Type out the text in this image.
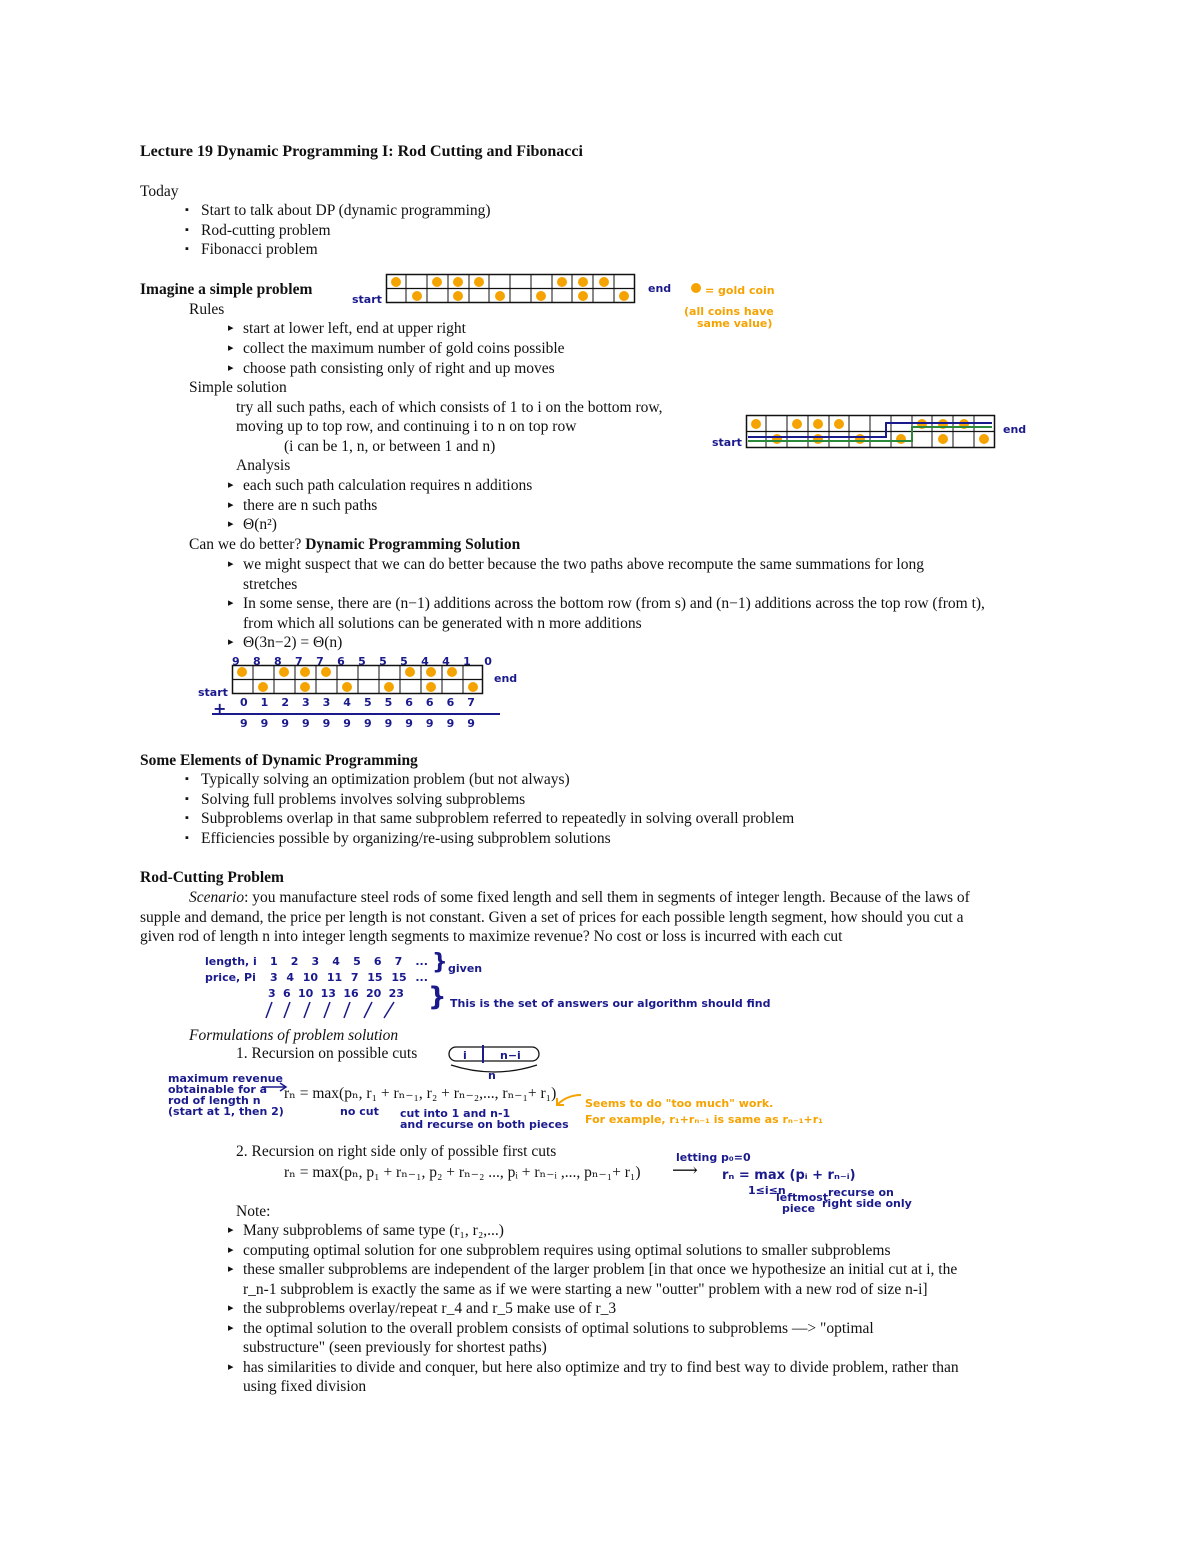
Lecture 19 Dynamic Programming I: Rod Cutting and Fibonacci
Today
▪ Start to talk about DP (dynamic programming)
▪ Rod-cutting problem
▪ Fibonacci problem
Imagine a simple problem
start
end	= gold coin
(all coins have
same value)
Rules
▸ start at lower left, end at upper right
▸ collect the maximum number of gold coins possible
▸ choose path consisting only of right and up moves
Simple solution
try all such paths, each of which consists of 1 to i on the bottom row,
moving up to top row, and continuing i to n on top row
(i can be 1, n, or between 1 and n)	start
end
Analysis
▸ each such path calculation requires n additions
▸ there are n such paths
▸ Θ(n²)
Can we do better? Dynamic Programming Solution
▸ we might suspect that we can do better because the two paths above recompute the same summations for long
stretches
▸ In some sense, there are (n−1) additions across the bottom row (from s) and (n−1) additions across the top row (from t),
from which all solutions can be generated with n more additions
▸ Θ(3n−2) = Θ(n)
9 8 8 7 7 6 5 5 5 4 4 1 0
start
end
0 1 2 3 3 4 5 5 6 6 6 7
+
9 9 9 9 9 9 9 9 9 9 9 9
Some Elements of Dynamic Programming
▪ Typically solving an optimization problem (but not always)
▪ Solving full problems involves solving subproblems
▪ Subproblems overlap in that same subproblem referred to repeatedly in solving overall problem
▪ Efficiencies possible by organizing/re-using subproblem solutions
Rod-Cutting Problem
Scenario: you manufacture steel rods of some fixed length and sell them in segments of integer length. Because of the laws of
supple and demand, the price per length is not constant. Given a set of prices for each possible length segment, how should you cut a
given rod of length n into integer length segments to maximize revenue? No cost or loss is incurred with each cut
length, i
price, Pi
1 2 3 4 5 6 7 ...
3 4 10 11 7 15 15 ...
} given
3 6 10 13 16 20 23 } This is the set of answers our algorithm should find
Formulations of problem solution
1. Recursion on possible cuts	i	n−i
n
maximum revenue
obtainable for a
rod of length n
(start at 1, then 2)
rₙ = max(pₙ, r₁ + rₙ₋₁, r₂ + rₙ₋₂,..., rₙ₋₁+ r₁)
no cut cut into 1 and n-1
and recurse on both pieces
Seems to do "too much" work.
For example, r₁+rₙ₋₁ is same as rₙ₋₁+r₁
2. Recursion on right side only of possible first cuts
rₙ = max(pₙ, p₁ + rₙ₋₁, p₂ + rₙ₋₂ ..., pᵢ + rₙ₋ᵢ ,..., pₙ₋₁+ r₁) ⟶
letting p₀=0
rₙ = max (pᵢ + rₙ₋ᵢ)
1≤i≤n
leftmost
piece
recurse on
right side only
Note:
▸ Many subproblems of same type (r₁, r₂,...)
▸ computing optimal solution for one subproblem requires using optimal solutions to smaller subproblems
▸ these smaller subproblems are independent of the larger problem [in that once we hypothesize an initial cut at i, the
r_n-1 subproblem is exactly the same as if we were starting a new "outter" problem with a new rod of size n-i]
▸ the subproblems overlay/repeat r_4 and r_5 make use of r_3
▸ the optimal solution to the overall problem consists of optimal solutions to subproblems —> "optimal
substructure" (seen previously for shortest paths)
▸ has similarities to divide and conquer, but here also optimize and try to find best way to divide problem, rather than
using fixed division
